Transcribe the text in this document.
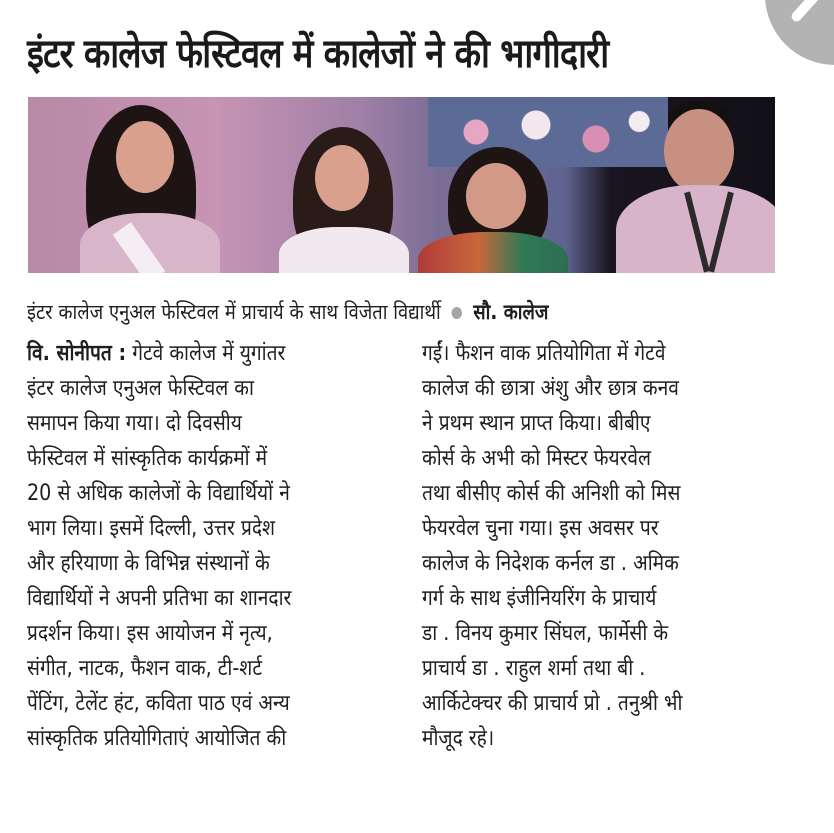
इंटर कालेज फेस्टिवल में कालेजों ने की भागीदारी
इंटर कालेज एनुअल फेस्टिवल में प्राचार्य के साथ विजेता विद्यार्थी सौ. कालेज
वि. सोनीपत : गेटवे कालेज में युगांतर
इंटर कालेज एनुअल फेस्टिवल का
समापन किया गया। दो दिवसीय
फेस्टिवल में सांस्कृतिक कार्यक्रमों में
20 से अधिक कालेजों के विद्यार्थियों ने
भाग लिया। इसमें दिल्ली, उत्तर प्रदेश
और हरियाणा के विभिन्न संस्थानों के
विद्यार्थियों ने अपनी प्रतिभा का शानदार
प्रदर्शन किया। इस आयोजन में नृत्य,
संगीत, नाटक, फैशन वाक, टी-शर्ट
पेंटिंग, टेलेंट हंट, कविता पाठ एवं अन्य
सांस्कृतिक प्रतियोगिताएं आयोजित की
गईं। फैशन वाक प्रतियोगिता में गेटवे
कालेज की छात्रा अंशु और छात्र कनव
ने प्रथम स्थान प्राप्त किया। बीबीए
कोर्स के अभी को मिस्टर फेयरवेल
तथा बीसीए कोर्स की अनिशी को मिस
फेयरवेल चुना गया। इस अवसर पर
कालेज के निदेशक कर्नल डा . अमिक
गर्ग के साथ इंजीनियरिंग के प्राचार्य
डा . विनय कुमार सिंघल, फार्मेसी के
प्राचार्य डा . राहुल शर्मा तथा बी .
आर्किटेक्चर की प्राचार्य प्रो . तनुश्री भी
मौजूद रहे।
